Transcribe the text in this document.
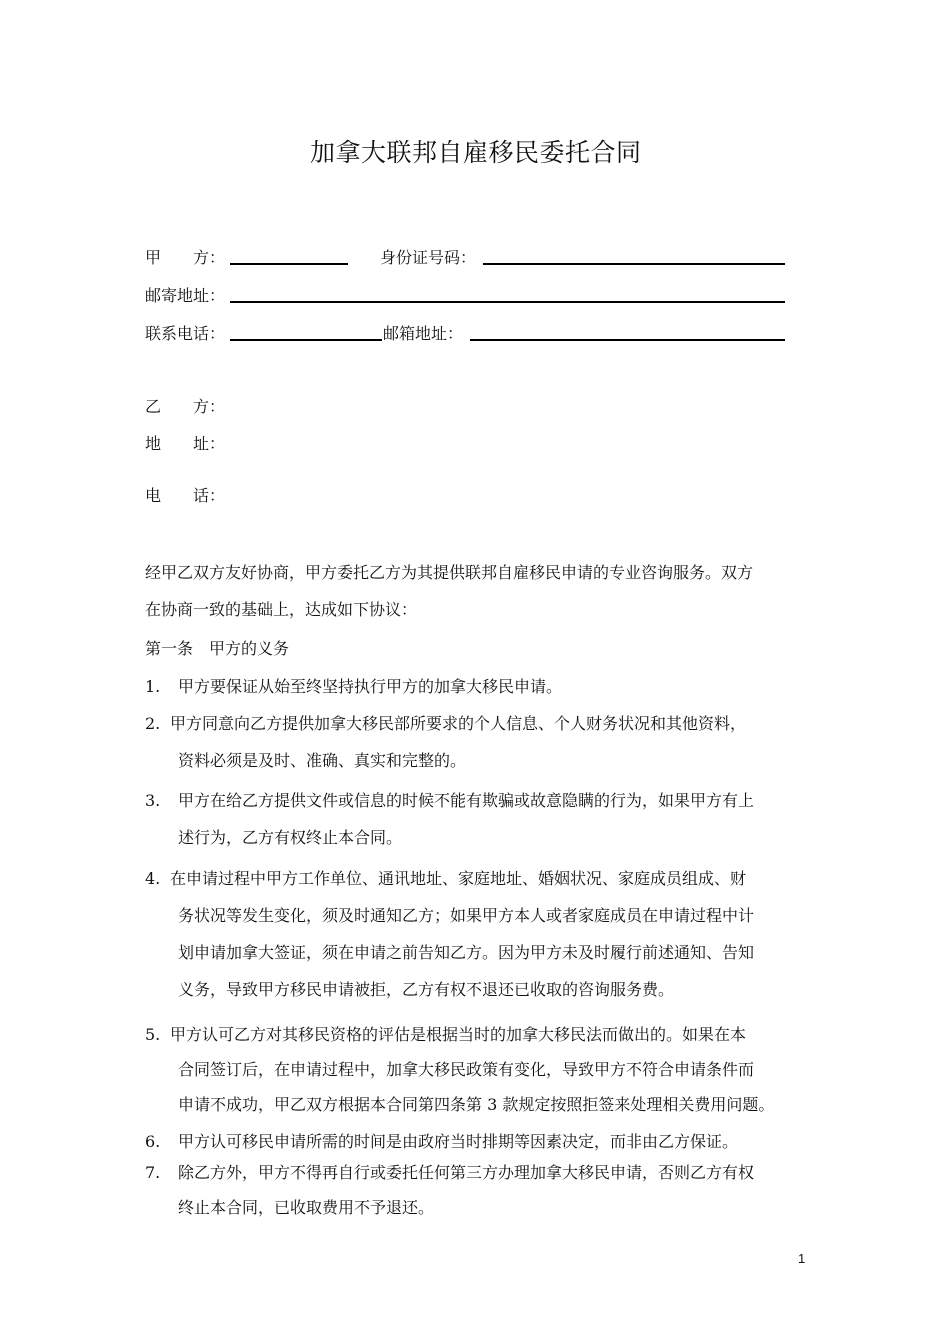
加拿大联邦自雇移民委托合同
甲　　方：	身份证号码：
邮寄地址：
联系电话：	邮箱地址：
乙　　方：
地　　址：
电　　话：
经甲乙双方友好协商，甲方委托乙方为其提供联邦自雇移民申请的专业咨询服务。双方
在协商一致的基础上，达成如下协议：
第一条　甲方的义务
1. 甲方要保证从始至终坚持执行甲方的加拿大移民申请。
2. 甲方同意向乙方提供加拿大移民部所要求的个人信息、个人财务状况和其他资料，
资料必须是及时、准确、真实和完整的。
3. 甲方在给乙方提供文件或信息的时候不能有欺骗或故意隐瞒的行为，如果甲方有上
述行为，乙方有权终止本合同。
4. 在申请过程中甲方工作单位、通讯地址、家庭地址、婚姻状况、家庭成员组成、财
务状况等发生变化，须及时通知乙方；如果甲方本人或者家庭成员在申请过程中计
划申请加拿大签证，须在申请之前告知乙方。因为甲方未及时履行前述通知、告知
义务，导致甲方移民申请被拒，乙方有权不退还已收取的咨询服务费。
5. 甲方认可乙方对其移民资格的评估是根据当时的加拿大移民法而做出的。如果在本
合同签订后，在申请过程中，加拿大移民政策有变化，导致甲方不符合申请条件而
申请不成功，甲乙双方根据本合同第四条第 3 款规定按照拒签来处理相关费用问题。
6. 甲方认可移民申请所需的时间是由政府当时排期等因素决定，而非由乙方保证。
7. 除乙方外，甲方不得再自行或委托任何第三方办理加拿大移民申请，否则乙方有权
终止本合同，已收取费用不予退还。
1
